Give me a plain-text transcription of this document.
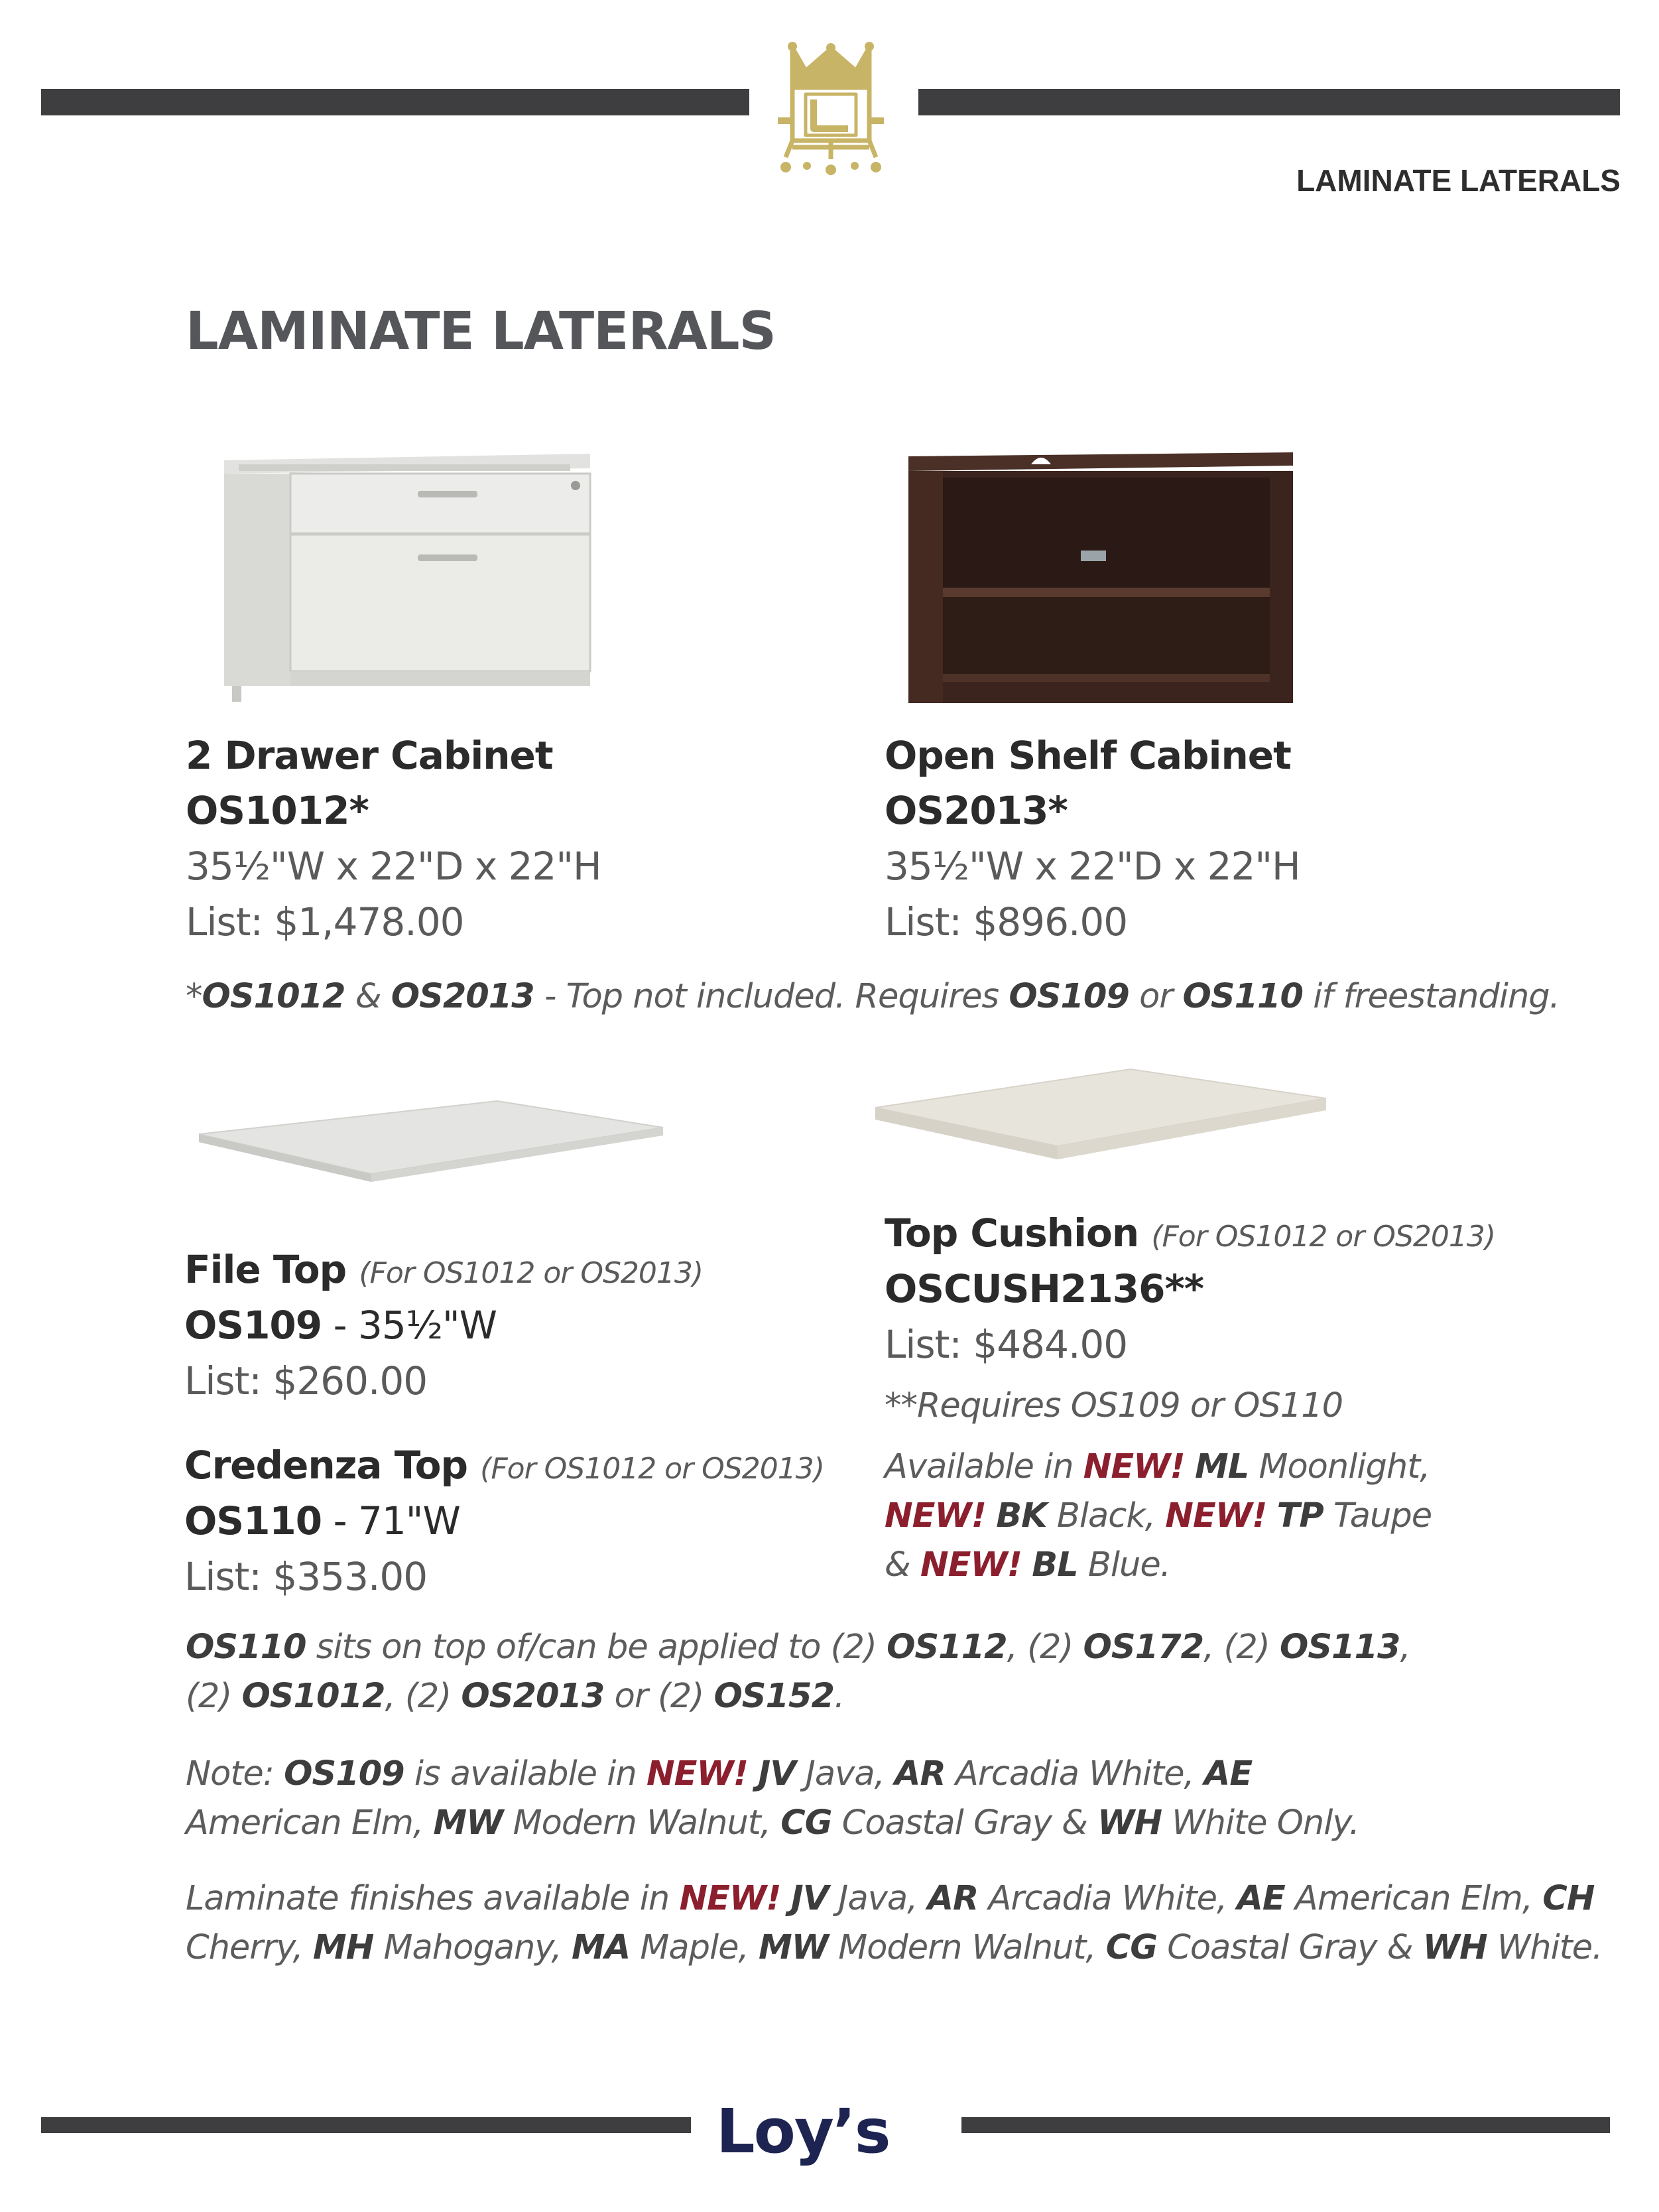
LAMINATE LATERALS
LAMINATE LATERALS
2 Drawer Cabinet
OS1012*
35½"W x 22"D x 22"H
List: $1,478.00
Open Shelf Cabinet
OS2013*
35½"W x 22"D x 22"H
List: $896.00
*OS1012 & OS2013 - Top not included. Requires OS109 or OS110 if freestanding.
File Top (For OS1012 or OS2013)
OS109 - 35½"W
List: $260.00
Credenza Top (For OS1012 or OS2013)
OS110 - 71"W
List: $353.00
Top Cushion (For OS1012 or OS2013)
OSCUSH2136**
List: $484.00
**Requires OS109 or OS110
Available in NEW! ML Moonlight,
NEW! BK Black, NEW! TP Taupe
& NEW! BL Blue.
OS110 sits on top of/can be applied to (2) OS112, (2) OS172, (2) OS113,
(2) OS1012, (2) OS2013 or (2) OS152.
Note: OS109 is available in NEW! JV Java, AR Arcadia White, AE
American Elm, MW Modern Walnut, CG Coastal Gray & WH White Only.
Laminate finishes available in NEW! JV Java, AR Arcadia White, AE American Elm, CH
Cherry, MH Mahogany, MA Maple, MW Modern Walnut, CG Coastal Gray & WH White.
Loy’s
